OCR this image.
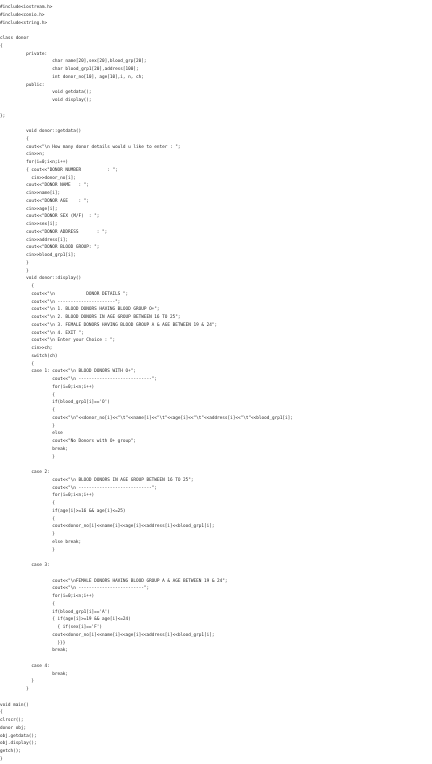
#include<iostream.h>
#include<conio.h>
#include<string.h>
class donor
{
private:
char name[20],sex[20],blood_grp[20];
char blood_grp1[20],address[100];
int donor_no[10], age[10],i, n, ch;
public:
void getdata();
void display();
};
void donor::getdata()
{
cout<<"\n How many donor details would u like to enter : ";
cin>>n;
for(i=0;i<n;i++)
{ cout<<"DONOR NUMBER          : ";
cin>>donor_no[i];
cout<<"DONOR NAME   : ";
cin>>name[i];
cout<<"DONOR AGE    : ";
cin>>age[i];
cout<<"DONOR SEX (M/F)  : ";
cin>>sex[i];
cout<<"DONOR ADDRESS       : ";
cin>>address[i];
cout<<"DONOR BLOOD GROUP: ";
cin>>blood_grp1[i];
}
}
void donor::display()
{
cout<<"\n            DONOR DETAILS ";
cout<<"\n ----------------------";
cout<<"\n 1. BLOOD DONORS HAVING BLOOD GROUP O+";
cout<<"\n 2. BLOOD DONORS IN AGE GROUP BETWEEN 16 TO 25";
cout<<"\n 3. FEMALE DONORS HAVING BLOOD GROUP A & AGE BETWEEN 19 & 24";
cout<<"\n 4. EXIT ";
cout<<"\n Enter your Choice : ";
cin>>ch;
switch(ch)
{
case 1: cout<<"\n BLOOD DONORS WITH O+";
cout<<"\n ----------------------------";
for(i=0;i<n;i++)
{
if(blood_grp1[i]=='O')
{
cout<<"\n"<<donor_no[i]<<"\t"<<name[i]<<"\t"<<age[i]<<"\t"<<address[i]<<"\t"<<blood_grp1[i];
}
else
cout<<"No Donors with O+ group";
break;
}
case 2:
cout<<"\n BLOOD DONORS IN AGE GROUP BETWEEN 16 TO 25";
cout<<"\n ----------------------------";
for(i=0;i<n;i++)
{
if(age[i]>=16 && age[i]<=25)
{
cout<<donor_no[i]<<name[i]<<age[i]<<address[i]<<blood_grp1[i];
}
else break;
}
case 3:
cout<<"\nFEMALE DONORS HAVING BLOOD GROUP A & AGE BETWEEN 19 & 24";
cout<<"\n -------------------------";
for(i=0;i<n;i++)
{
if(blood_grp1[i]=='A')
{ if(age[i]>=19 && age[i]<=24)
{ if(sex[i]=='F')
cout<<donor_no[i]<<name[i]<<age[i]<<address[i]<<blood_grp1[i];
}}}
break;
case 4:
break;
}
}
void main()
{
clrscr();
donor obj;
obj.getdata();
obj.display();
getch();
}
